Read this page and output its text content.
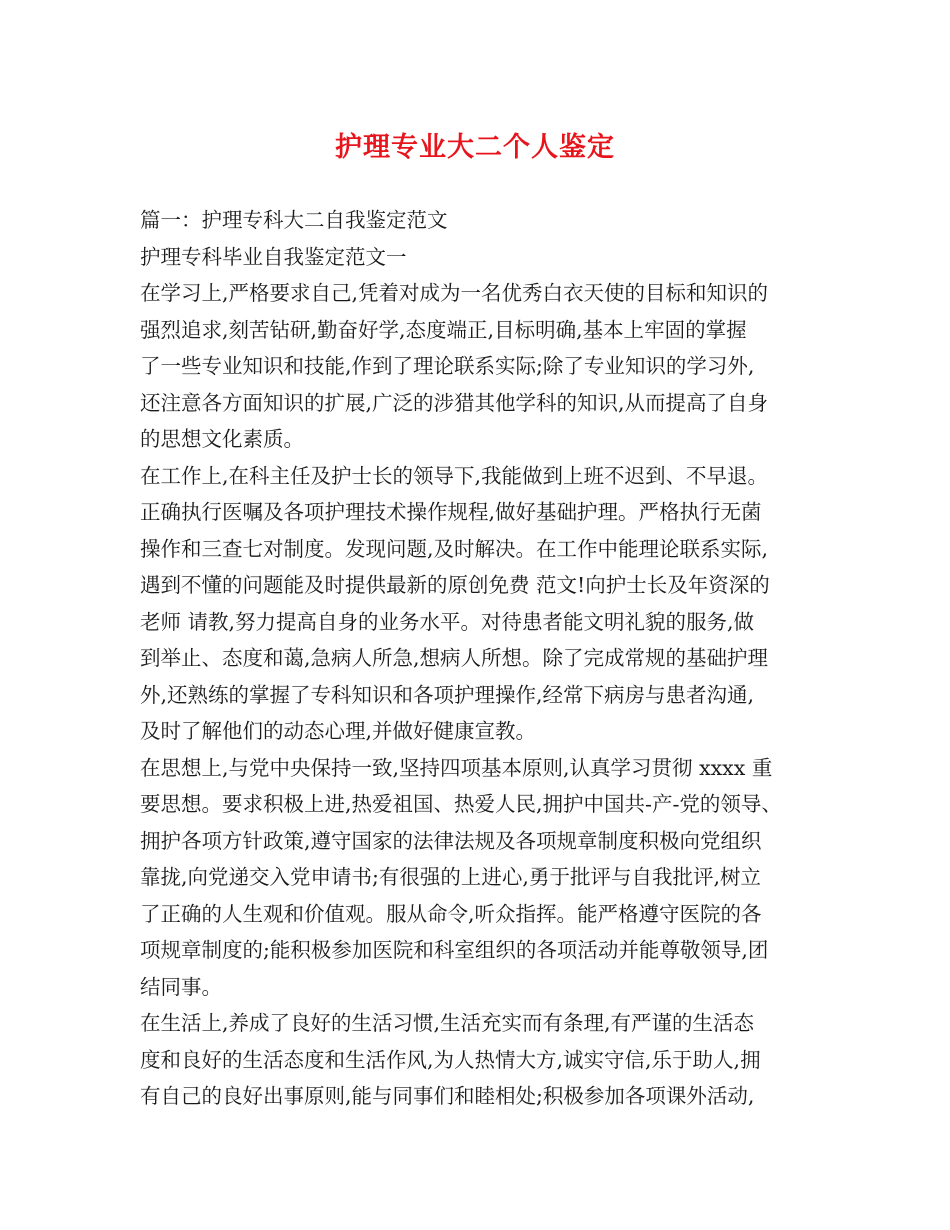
护理专业大二个人鉴定
篇一：护理专科大二自我鉴定范文
护理专科毕业自我鉴定范文一
在学习上,严格要求自己,凭着对成为一名优秀白衣天使的目标和知识的
强烈追求,刻苦钻研,勤奋好学,态度端正,目标明确,基本上牢固的掌握
了一些专业知识和技能,作到了理论联系实际;除了专业知识的学习外,
还注意各方面知识的扩展,广泛的涉猎其他学科的知识,从而提高了自身
的思想文化素质。
在工作上,在科主任及护士长的领导下,我能做到上班不迟到、不早退。
正确执行医嘱及各项护理技术操作规程,做好基础护理。严格执行无菌
操作和三查七对制度。发现问题,及时解决。在工作中能理论联系实际,
遇到不懂的问题能及时提供最新的原创免费 范文!向护士长及年资深的
老师 请教,努力提高自身的业务水平。对待患者能文明礼貌的服务,做
到举止、态度和蔼,急病人所急,想病人所想。除了完成常规的基础护理
外,还熟练的掌握了专科知识和各项护理操作,经常下病房与患者沟通,
及时了解他们的动态心理,并做好健康宣教。
在思想上,与党中央保持一致,坚持四项基本原则,认真学习贯彻 xxxx 重
要思想。要求积极上进,热爱祖国、热爱人民,拥护中国共-产-党的领导、
拥护各项方针政策,遵守国家的法律法规及各项规章制度积极向党组织
靠拢,向党递交入党申请书;有很强的上进心,勇于批评与自我批评,树立
了正确的人生观和价值观。服从命令,听众指挥。能严格遵守医院的各
项规章制度的;能积极参加医院和科室组织的各项活动并能尊敬领导,团
结同事。
在生活上,养成了良好的生活习惯,生活充实而有条理,有严谨的生活态
度和良好的生活态度和生活作风,为人热情大方,诚实守信,乐于助人,拥
有自己的良好出事原则,能与同事们和睦相处;积极参加各项课外活动,
